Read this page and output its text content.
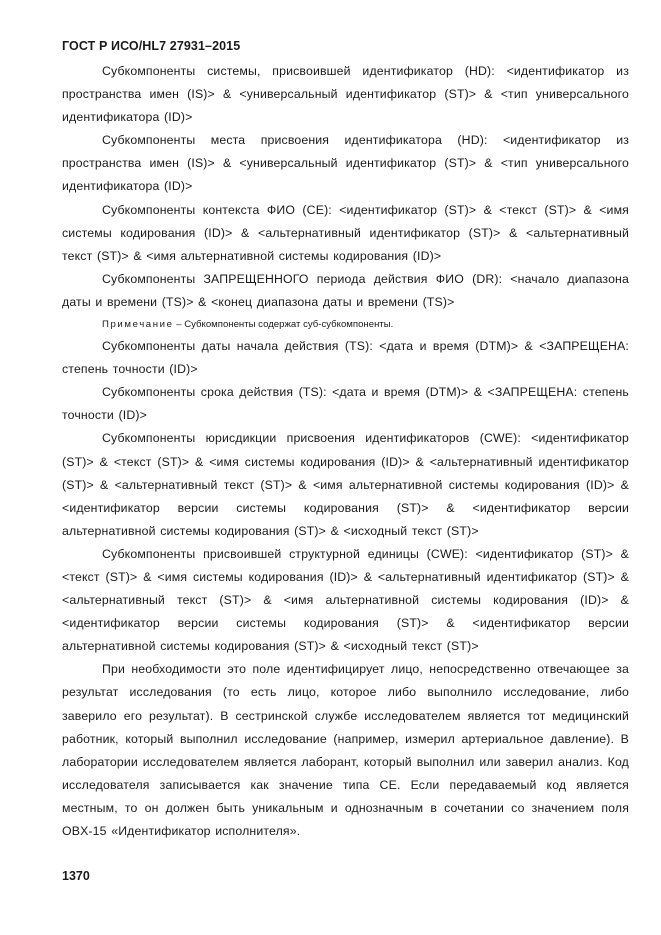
ГОСТ Р ИСО/HL7 27931–2015

Субкомпоненты системы, присвоившей идентификатор (HD): <идентификатор из пространства имен (IS)> & <универсальный идентификатор (ST)> & <тип универсального идентификатора (ID)>

Субкомпоненты места присвоения идентификатора (HD): <идентификатор из пространства имен (IS)> & <универсальный идентификатор (ST)> & <тип универсального идентификатора (ID)>

Субкомпоненты контекста ФИО (CE): <идентификатор (ST)> & <текст (ST)> & <имя системы кодирования (ID)> & <альтернативный идентификатор (ST)> & <альтернативный текст (ST)> & <имя альтернативной системы кодирования (ID)>

Субкомпоненты ЗАПРЕЩЕННОГО периода действия ФИО (DR): <начало диапазона даты и времени (TS)> & <конец диапазона даты и времени (TS)>

Примечание – Субкомпоненты содержат суб-субкомпоненты.

Субкомпоненты даты начала действия (TS): <дата и время (DTM)> & <ЗАПРЕЩЕНА: степень точности (ID)>

Субкомпоненты срока действия (TS): <дата и время (DTM)> & <ЗАПРЕЩЕНА: степень точности (ID)>

Субкомпоненты юрисдикции присвоения идентификаторов (CWE): <идентификатор (ST)> & <текст (ST)> & <имя системы кодирования (ID)> & <альтернативный идентификатор (ST)> & <альтернативный текст (ST)> & <имя альтернативной системы кодирования (ID)> & <идентификатор версии системы кодирования (ST)> & <идентификатор версии альтернативной системы кодирования (ST)> & <исходный текст (ST)>

Субкомпоненты присвоившей структурной единицы (CWE): <идентификатор (ST)> & <текст (ST)> & <имя системы кодирования (ID)> & <альтернативный идентификатор (ST)> & <альтернативный текст (ST)> & <имя альтернативной системы кодирования (ID)> & <идентификатор версии системы кодирования (ST)> & <идентификатор версии альтернативной системы кодирования (ST)> & <исходный текст (ST)>

При необходимости это поле идентифицирует лицо, непосредственно отвечающее за результат исследования (то есть лицо, которое либо выполнило исследование, либо заверило его результат). В сестринской службе исследователем является тот медицинский работник, который выполнил исследование (например, измерил артериальное давление). В лаборатории исследователем является лаборант, который выполнил или заверил анализ. Код исследователя записывается как значение типа CE. Если передаваемый код является местным, то он должен быть уникальным и однозначным в сочетании со значением поля OBX-15 «Идентификатор исполнителя».

1370
